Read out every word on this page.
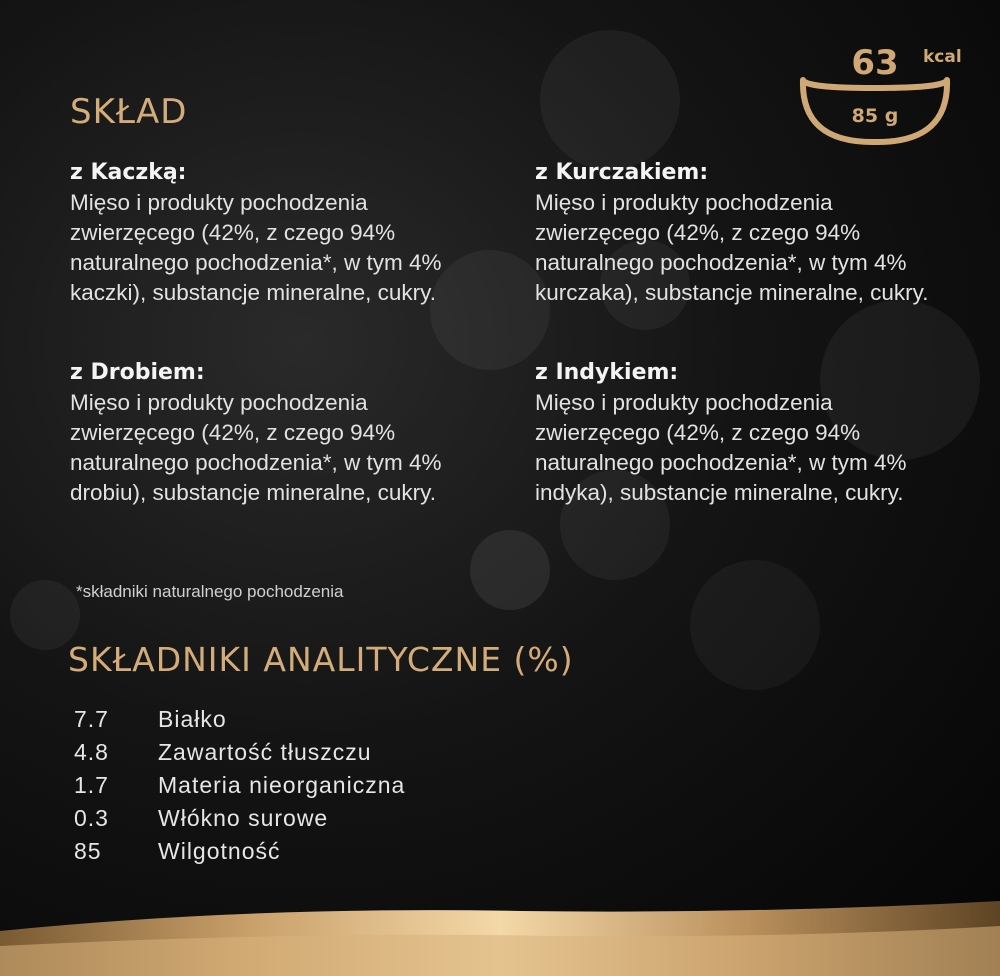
63 kcal
85 g
SKŁAD
z Kaczką:
Mięso i produkty pochodzenia zwierzęcego (42%, z czego 94% naturalnego pochodzenia*, w tym 4% kaczki), substancje mineralne, cukry.
z Kurczakiem:
Mięso i produkty pochodzenia zwierzęcego (42%, z czego 94% naturalnego pochodzenia*, w tym 4% kurczaka), substancje mineralne, cukry.
z Drobiem:
Mięso i produkty pochodzenia zwierzęcego (42%, z czego 94% naturalnego pochodzenia*, w tym 4% drobiu), substancje mineralne, cukry.
z Indykiem:
Mięso i produkty pochodzenia zwierzęcego (42%, z czego 94% naturalnego pochodzenia*, w tym 4% indyka), substancje mineralne, cukry.
*składniki naturalnego pochodzenia
SKŁADNIKI ANALITYCZNE (%)
7.7	Białko
4.8	Zawartość tłuszczu
1.7	Materia nieorganiczna
0.3	Włókno surowe
85	Wilgotność
